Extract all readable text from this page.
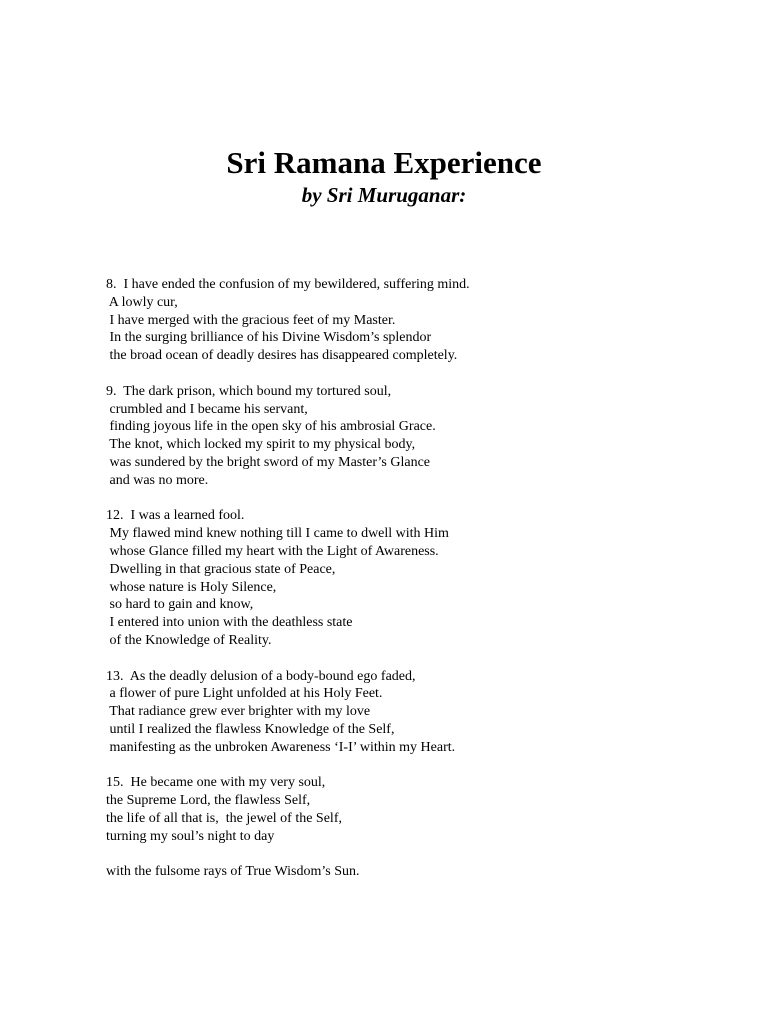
Sri Ramana Experience
by Sri Muruganar:
8.  I have ended the confusion of my bewildered, suffering mind.
A lowly cur,
I have merged with the gracious feet of my Master.
In the surging brilliance of his Divine Wisdom’s splendor
the broad ocean of deadly desires has disappeared completely.
9.  The dark prison, which bound my tortured soul,
crumbled and I became his servant,
finding joyous life in the open sky of his ambrosial Grace.
The knot, which locked my spirit to my physical body,
was sundered by the bright sword of my Master’s Glance
and was no more.
12.  I was a learned fool.
My flawed mind knew nothing till I came to dwell with Him
whose Glance filled my heart with the Light of Awareness.
Dwelling in that gracious state of Peace,
whose nature is Holy Silence,
so hard to gain and know,
I entered into union with the deathless state
of the Knowledge of Reality.
13.  As the deadly delusion of a body-bound ego faded,
a flower of pure Light unfolded at his Holy Feet.
That radiance grew ever brighter with my love
until I realized the flawless Knowledge of the Self,
manifesting as the unbroken Awareness ‘I-I’ within my Heart.
15.  He became one with my very soul,
the Supreme Lord, the flawless Self,
the life of all that is,  the jewel of the Self,
turning my soul’s night to day
with the fulsome rays of True Wisdom’s Sun.
